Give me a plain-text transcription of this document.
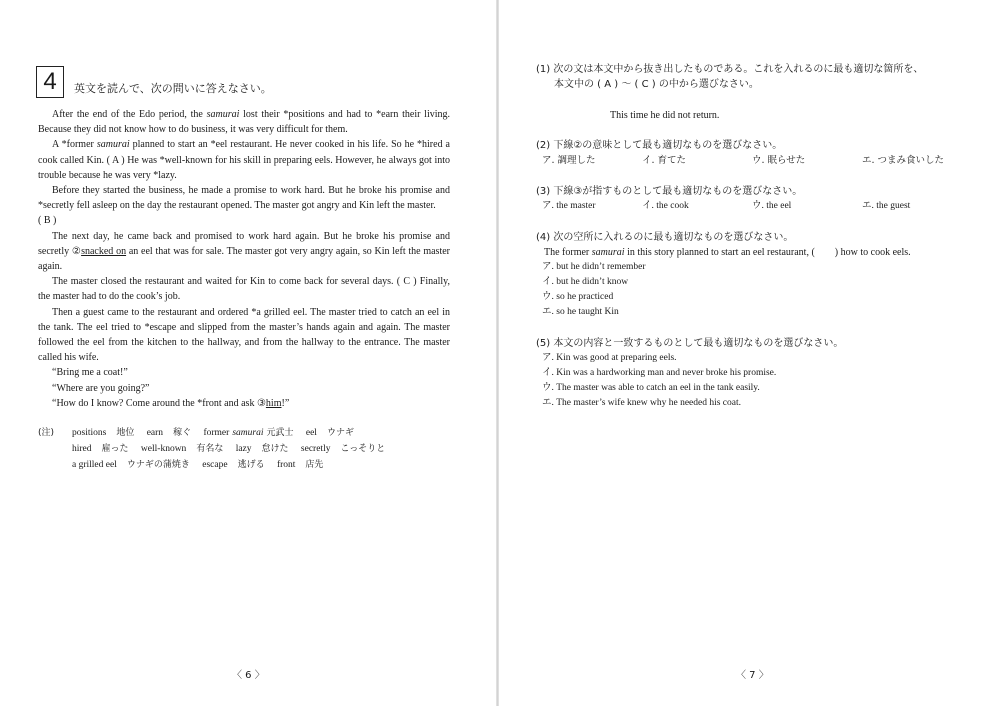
4	英文を読んで、次の問いに答えなさい。

After the end of the Edo period, the samurai lost their *positions and had to *earn their living. Because they did not know how to do business, it was very difficult for them.

A *former samurai planned to start an *eel restaurant. He never cooked in his life. So he *hired a cook called Kin. ( A ) He was *well-known for his skill in preparing eels. However, he always got into trouble because he was very *lazy.

Before they started the business, he made a promise to work hard. But he broke his promise and *secretly fell asleep on the day the restaurant opened. The master got angry and Kin left the master.

( B )

The next day, he came back and promised to work hard again. But he broke his promise and secretly ②snacked on an eel that was for sale. The master got very angry again, so Kin left the master again.

The master closed the restaurant and waited for Kin to come back for several days. ( C ) Finally, the master had to do the cook’s job.

Then a guest came to the restaurant and ordered *a grilled eel. The master tried to catch an eel in the tank. The eel tried to *escape and slipped from the master’s hands again and again. The master followed the eel from the kitchen to the hallway, and from the hallway to the entrance. The master called his wife.

“Bring me a coat!”

“Where are you going?”

“How do I know? Come around the *front and ask ③him!”

(注) positions 地位 earn 稼ぐ former samurai 元武士 eel ウナギ
hired 雇った well-known 有名な lazy 怠けた secretly こっそりと
a grilled eel ウナギの蒲焼き escape 逃げる front 店先
〈 6 〉
(1) 次の文は本文中から抜き出したものである。これを入れるのに最も適切な箇所を、
本文中の ( A ) ～ ( C ) の中から選びなさい。
This time he did not return.
(2) 下線②の意味として最も適切なものを選びなさい。
ア. 調理した	イ. 育てた	ウ. 眠らせた	エ. つまみ食いした
(3) 下線③が指すものとして最も適切なものを選びなさい。
ア. the master	イ. the cook	ウ. the eel	エ. the guest
(4) 次の空所に入れるのに最も適切なものを選びなさい。
The former samurai in this story planned to start an eel restaurant, ( ) how to cook eels.
ア. but he didn’t remember
イ. but he didn’t know
ウ. so he practiced
エ. so he taught Kin
(5) 本文の内容と一致するものとして最も適切なものを選びなさい。
ア. Kin was good at preparing eels.
イ. Kin was a hardworking man and never broke his promise.
ウ. The master was able to catch an eel in the tank easily.
エ. The master’s wife knew why he needed his coat.
〈 7 〉
